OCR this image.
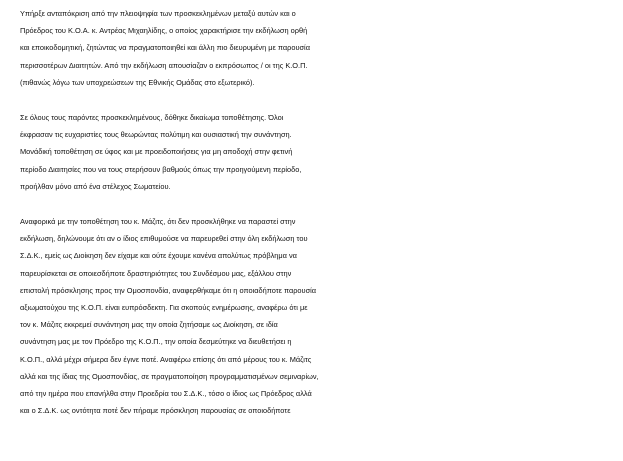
Υπήρξε ανταπόκριση από την πλειοψηφία των προσκεκλημένων μεταξύ αυτών και ο
Πρόεδρος του Κ.Ο.Α. κ. Αντρέας Μιχαηλίδης, ο οποίος χαρακτήρισε την εκδήλωση ορθή
και εποικοδομητική, ζητώντας να πραγματοποιηθεί και άλλη πιο διευρυμένη με παρουσία
περισσοτέρων Διαιτητών. Από την εκδήλωση απουσίαζαν ο εκπρόσωπος / οι της Κ.Ο.Π.
(πιθανώς λόγω των υποχρεώσεων της Εθνικής Ομάδας στο εξωτερικό).
Σε όλους τους παρόντες προσκεκλημένους, δόθηκε δικαίωμα τοποθέτησης. Όλοι
έκφρασαν τις ευχαριστίες τους θεωρώντας πολύτιμη και ουσιαστική την συνάντηση.
Μονάδική τοποθέτηση σε ύφος και με προειδοποιήσεις για μη αποδοχή στην φετινή
περίοδο Διαιτησίες που να τους στερήσουν βαθμούς όπως την προηγούμενη περίοδο,
προήλθαν μόνο από ένα στέλεχος Σωματείου.
Αναφορικά με την τοποθέτηση του κ. Μάζιτς, ότι δεν προσκλήθηκε να παραστεί στην
εκδήλωση, δηλώνουμε ότι αν ο ίδιος επιθυμούσε να παρευρεθεί στην όλη εκδήλωση του
Σ.Δ.Κ., εμείς ως Διοίκηση δεν είχαμε και ούτε έχουμε κανένα απολύτως πρόβλημα να
παρευρίσκεται σε οποιεσδήποτε δραστηριότητες του Συνδέσμου μας, εξάλλου στην
επιστολή πρόσκλησης προς την Ομοσπονδία, αναφερθήκαμε ότι η οποιαδήποτε παρουσία
αξιωματούχου της Κ.Ο.Π. είναι ευπρόσδεκτη. Για σκοπούς ενημέρωσης, αναφέρω ότι με
τον κ. Μάζιτς εκκρεμεί συνάντηση μας την οποία ζητήσαμε ως Διοίκηση, σε ιδία
συνάντηση μας με τον Πρόεδρο της Κ.Ο.Π., την οποία δεσμεύτηκε να διευθετήσει η
Κ.Ο.Π., αλλά μέχρι σήμερα δεν έγινε ποτέ. Αναφέρω επίσης ότι από μέρους του κ. Μάζιτς
αλλά και της ίδιας της Ομοσπονδίας, σε πραγματοποίηση προγραμματισμένων σεμιναρίων,
από την ημέρα που επανήλθα στην Προεδρία του Σ.Δ.Κ., τόσο ο ίδιος ως Πρόεδρος αλλά
και ο Σ.Δ.Κ. ως οντότητα ποτέ δεν πήραμε πρόσκληση παρουσίας σε οποιοδήποτε
